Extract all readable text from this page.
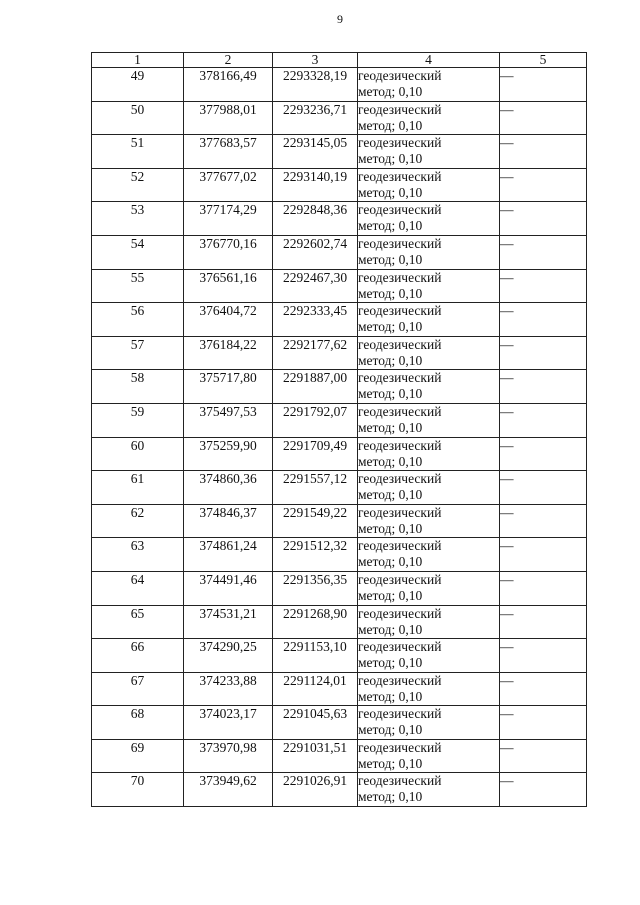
9
1	2	3	4	5
49	378166,49	2293328,19	геодезический
метод; 0,10	—
50	377988,01	2293236,71	геодезический
метод; 0,10	—
51	377683,57	2293145,05	геодезический
метод; 0,10	—
52	377677,02	2293140,19	геодезический
метод; 0,10	—
53	377174,29	2292848,36	геодезический
метод; 0,10	—
54	376770,16	2292602,74	геодезический
метод; 0,10	—
55	376561,16	2292467,30	геодезический
метод; 0,10	—
56	376404,72	2292333,45	геодезический
метод; 0,10	—
57	376184,22	2292177,62	геодезический
метод; 0,10	—
58	375717,80	2291887,00	геодезический
метод; 0,10	—
59	375497,53	2291792,07	геодезический
метод; 0,10	—
60	375259,90	2291709,49	геодезический
метод; 0,10	—
61	374860,36	2291557,12	геодезический
метод; 0,10	—
62	374846,37	2291549,22	геодезический
метод; 0,10	—
63	374861,24	2291512,32	геодезический
метод; 0,10	—
64	374491,46	2291356,35	геодезический
метод; 0,10	—
65	374531,21	2291268,90	геодезический
метод; 0,10	—
66	374290,25	2291153,10	геодезический
метод; 0,10	—
67	374233,88	2291124,01	геодезический
метод; 0,10	—
68	374023,17	2291045,63	геодезический
метод; 0,10	—
69	373970,98	2291031,51	геодезический
метод; 0,10	—
70	373949,62	2291026,91	геодезический
метод; 0,10	—
